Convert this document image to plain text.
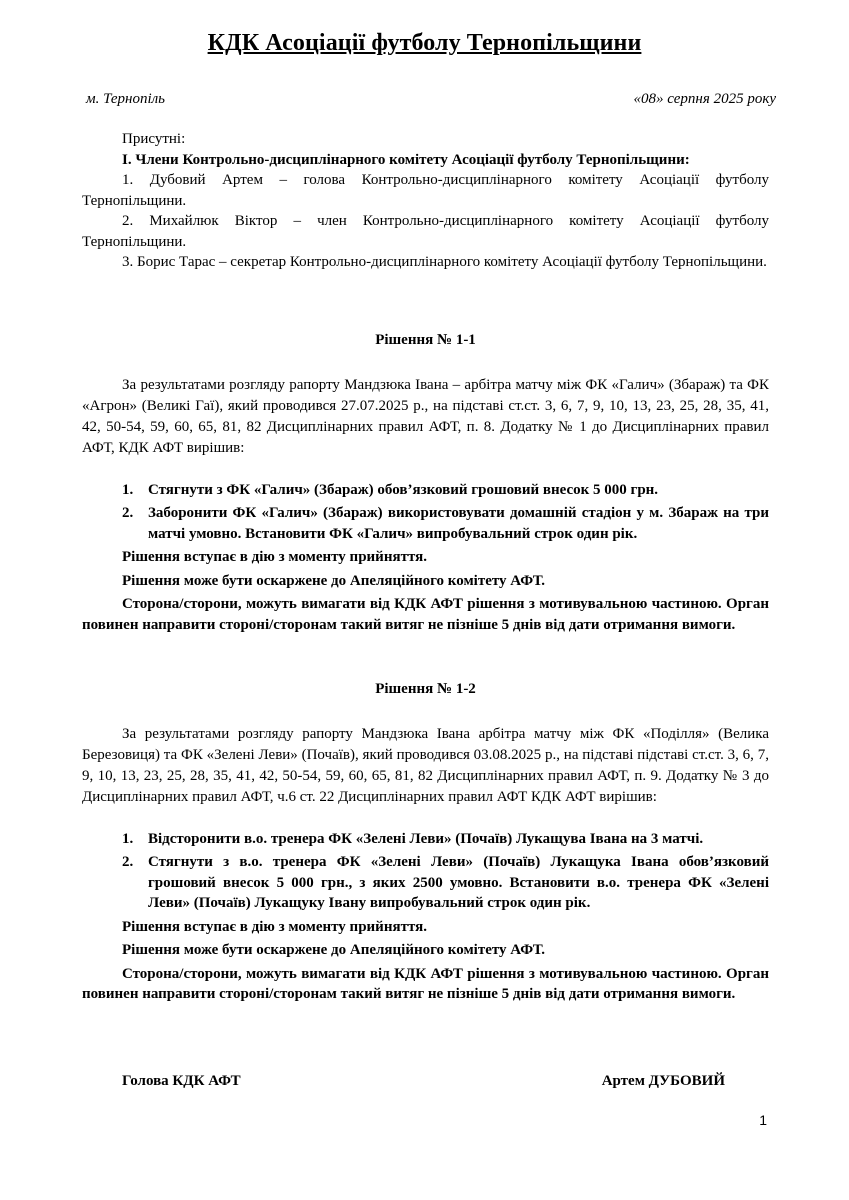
КДК Асоціації футболу Тернопільщини
м. Тернопіль	«08» серпня 2025 року

Присутні:

І. Члени Контрольно-дисциплінарного комітету Асоціації футболу Тернопільщини:

1. Дубовий Артем – голова Контрольно-дисциплінарного комітету Асоціації футболу Тернопільщини.

2. Михайлюк Віктор – член Контрольно-дисциплінарного комітету Асоціації футболу Тернопільщини.

3. Борис Тарас – секретар Контрольно-дисциплінарного комітету Асоціації футболу Тернопільщини.

Рішення № 1-1

За результатами розгляду рапорту Мандзюка Івана – арбітра матчу між ФК «Галич» (Збараж) та ФК «Агрон» (Великі Гаї), який проводився 27.07.2025 р., на підставі ст.ст. 3, 6, 7, 9, 10, 13, 23, 25, 28, 35, 41, 42, 50-54, 59, 60, 65, 81, 82 Дисциплінарних правил АФТ, п. 8. Додатку № 1 до Дисциплінарних правил АФТ, КДК АФТ вирішив:

1. Стягнути з ФК «Галич» (Збараж) обов’язковий грошовий внесок 5 000 грн.
2. Заборонити ФК «Галич» (Збараж) використовувати домашній стадіон у м. Збараж на три матчі умовно. Встановити ФК «Галич» випробувальний строк один рік.

Рішення вступає в дію з моменту прийняття.

Рішення може бути оскаржене до Апеляційного комітету АФТ.

Сторона/сторони, можуть вимагати від КДК АФТ рішення з мотивувальною частиною. Орган повинен направити стороні/сторонам такий витяг не пізніше 5 днів від дати отримання вимоги.

Рішення № 1-2

За результатами розгляду рапорту Мандзюка Івана арбітра матчу між ФК «Поділля» (Велика Березовиця) та ФК «Зелені Леви» (Почаїв), який проводився 03.08.2025 р., на підставі підставі ст.ст. 3, 6, 7, 9, 10, 13, 23, 25, 28, 35, 41, 42, 50-54, 59, 60, 65, 81, 82 Дисциплінарних правил АФТ, п. 9. Додатку № 3 до Дисциплінарних правил АФТ, ч.6 ст. 22 Дисциплінарних правил АФТ КДК АФТ вирішив:

1. Відсторонити в.о. тренера ФК «Зелені Леви» (Почаїв) Лукащува Івана на 3 матчі.
2. Стягнути з в.о. тренера ФК «Зелені Леви» (Почаїв) Лукащука Івана обов’язковий грошовий внесок 5 000 грн., з яких 2500 умовно. Встановити в.о. тренера ФК «Зелені Леви» (Почаїв) Лукащуку Івану випробувальний строк один рік.

Рішення вступає в дію з моменту прийняття.

Рішення може бути оскаржене до Апеляційного комітету АФТ.

Сторона/сторони, можуть вимагати від КДК АФТ рішення з мотивувальною частиною. Орган повинен направити стороні/сторонам такий витяг не пізніше 5 днів від дати отримання вимоги.

Голова КДК АФТ	Артем ДУБОВИЙ
1
